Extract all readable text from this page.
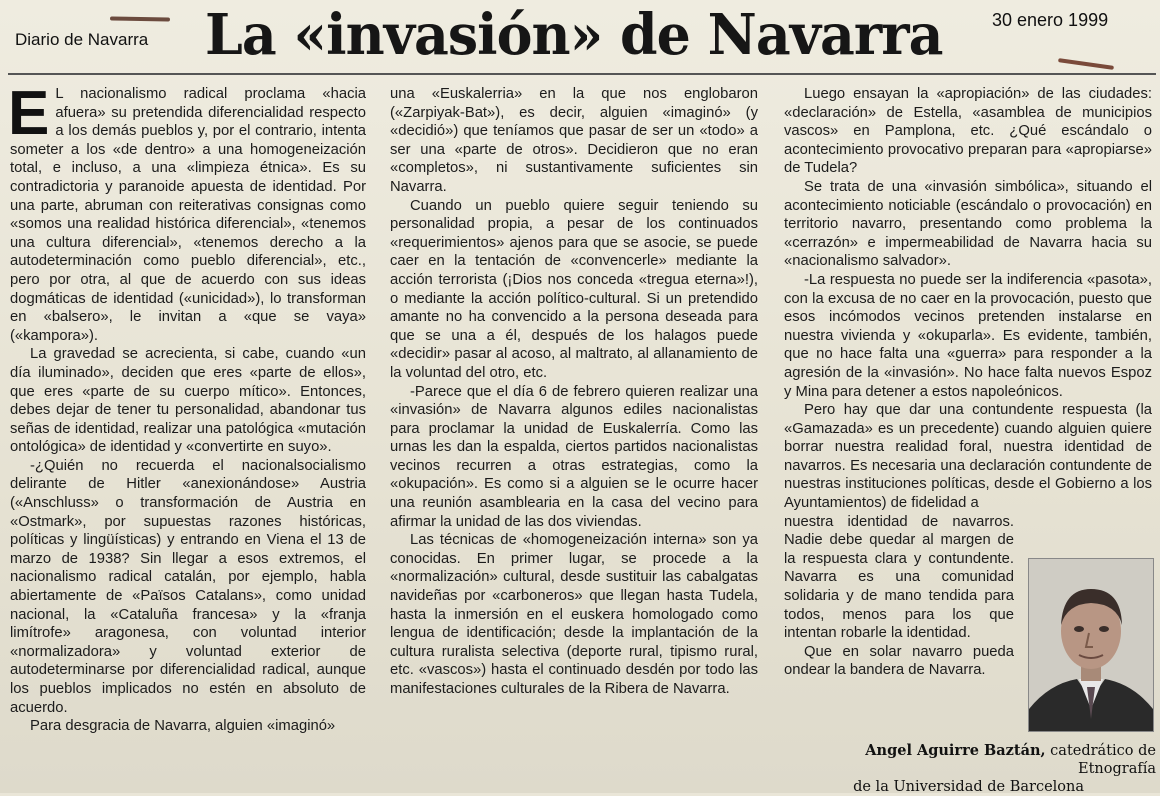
Diario de Navarra La «invasión» de Navarra	30 enero 1999

E L nacionalismo radical proclama «hacia afuera» su pretendida diferencialidad respecto a los demás pueblos y, por el contrario, intenta someter a los «de dentro» a una homogeneización total, e incluso, a una «limpieza étnica». Es su contradictoria y paranoide apuesta de identidad. Por una parte, abruman con reiterativas consignas como «somos una realidad histórica diferencial», «tenemos una cultura diferencial», «tenemos derecho a la autodeterminación como pueblo diferencial», etc., pero por otra, al que de acuerdo con sus ideas dogmáticas de identidad («unicidad»), lo transforman en «balsero», le invitan a «que se vaya» («kampora»).

La gravedad se acrecienta, si cabe, cuando «un día iluminado», deciden que eres «parte de ellos», que eres «parte de su cuerpo mítico». Entonces, debes dejar de tener tu personalidad, abandonar tus señas de identidad, realizar una patológica «mutación ontológica» de identidad y «convertirte en suyo».

-¿Quién no recuerda el nacionalsocialismo delirante de Hitler «anexionándose» Austria («Anschluss» o transformación de Austria en «Ostmark», por supuestas razones históricas, políticas y lingüísticas) y entrando en Viena el 13 de marzo de 1938? Sin llegar a esos extremos, el nacionalismo radical catalán, por ejemplo, habla abiertamente de «Països Catalans», como unidad nacional, la «Cataluña francesa» y la «franja limítrofe» aragonesa, con voluntad interior «normalizadora» y voluntad exterior de autodeterminarse por diferencialidad radical, aunque los pueblos implicados no estén en absoluto de acuerdo.

Para desgracia de Navarra, alguien «imaginó»

una «Euskalerria» en la que nos englobaron («Zarpiyak-Bat»), es decir, alguien «imaginó» (y «decidió») que teníamos que pasar de ser un «todo» a ser una «parte de otros». Decidieron que no eran «completos», ni sustantivamente suficientes sin Navarra.

Cuando un pueblo quiere seguir teniendo su personalidad propia, a pesar de los continuados «requerimientos» ajenos para que se asocie, se puede caer en la tentación de «convencerle» mediante la acción terrorista (¡Dios nos conceda «tregua eterna»!), o mediante la acción político-cultural. Si un pretendido amante no ha convencido a la persona deseada para que se una a él, después de los halagos puede «decidir» pasar al acoso, al maltrato, al allanamiento de la voluntad del otro, etc.

-Parece que el día 6 de febrero quieren realizar una «invasión» de Navarra algunos ediles nacionalistas para proclamar la unidad de Euskalerría. Como las urnas les dan la espalda, ciertos partidos nacionalistas vecinos recurren a otras estrategias, como la «okupación». Es como si a alguien se le ocurre hacer una reunión asamblearia en la casa del vecino para afirmar la unidad de las dos viviendas.

Las técnicas de «homogeneización interna» son ya conocidas. En primer lugar, se procede a la «normalización» cultural, desde sustituir las cabalgatas navideñas por «carboneros» que llegan hasta Tudela, hasta la inmersión en el euskera homologado como lengua de identificación; desde la implantación de la cultura ruralista selectiva (deporte rural, tipismo rural, etc. «vascos») hasta el continuado desdén por todo las manifestaciones culturales de la Ribera de Navarra.

Luego ensayan la «apropiación» de las ciudades: «declaración» de Estella, «asamblea de municipios vascos» en Pamplona, etc. ¿Qué escándalo o acontecimiento provocativo preparan para «apropiarse» de Tudela?

Se trata de una «invasión simbólica», situando el acontecimiento noticiable (escándalo o provocación) en territorio navarro, presentando como problema la «cerrazón» e impermeabilidad de Navarra hacia su «nacionalismo salvador».

-La respuesta no puede ser la indiferencia «pasota», con la excusa de no caer en la provocación, puesto que esos incómodos vecinos pretenden instalarse en nuestra vivienda y «okuparla». Es evidente, también, que no hace falta una «guerra» para responder a la agresión de la «invasión». No hace falta nuevos Espoz y Mina para detener a estos napoleónicos.

Pero hay que dar una contundente respuesta (la «Gamazada» es un precedente) cuando alguien quiere borrar nuestra realidad foral, nuestra identidad de navarros. Es necesaria una declaración contundente de nuestras instituciones políticas, desde el Gobierno a los Ayuntamientos) de fidelidad a

nuestra identidad de navarros. Nadie debe quedar al margen de la respuesta clara y contundente. Navarra es una comunidad solidaria y de mano tendida para todos, menos para los que intentan robarle la identidad.

Que en solar navarro pueda ondear la bandera de Navarra.

Angel Aguirre Baztán, catedrático de Etnografía
de la Universidad de Barcelona
